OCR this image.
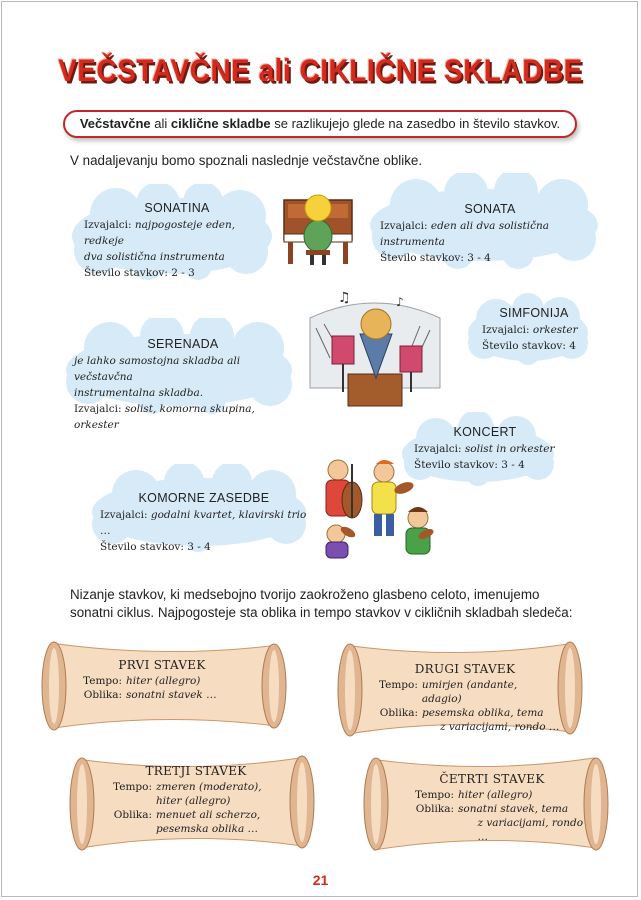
VEČSTAVČNE ali CIKLIČNE SKLADBE
Večstavčne ali ciklične skladbe se razlikujejo glede na zasedbo in število stavkov.
V nadaljevanju bomo spoznali naslednje večstavčne oblike.
SONATINA
Izvajalci: najpogosteje eden, redkeje
dva solistična instrumenta
Število stavkov: 2 - 3
SONATA
Izvajalci: eden ali dva solistična instrumenta
Število stavkov: 3 - 4
♫	♪
SIMFONIJA
Izvajalci: orkester
Število stavkov: 4
SERENADA
je lahko samostojna skladba ali večstavčna
instrumentalna skladba.
Izvajalci: solist, komorna skupina, orkester	KONCERT
Izvajalci: solist in orkester
Število stavkov: 3 - 4
KOMORNE ZASEDBE
Izvajalci: godalni kvartet, klavirski trio …
Število stavkov: 3 - 4
Nizanje stavkov, ki medsebojno tvorijo zaokroženo glasbeno celoto, imenujemo
sonatni ciklus. Najpogosteje sta oblika in tempo stavkov v cikličnih skladbah sledeča:
PRVI STAVEK
Tempo: hiter (allegro)
Oblika: sonatni stavek …
DRUGI STAVEK
Tempo: umirjen (andante, adagio)
Oblika: pesemska oblika, tema
z variacijami, rondo …
TRETJI STAVEK
Tempo: zmeren (moderato),
hiter (allegro)
Oblika: menuet ali scherzo,
pesemska oblika …
ČETRTI STAVEK
Tempo: hiter (allegro)
Oblika: sonatni stavek, tema
z variacijami, rondo …
21
